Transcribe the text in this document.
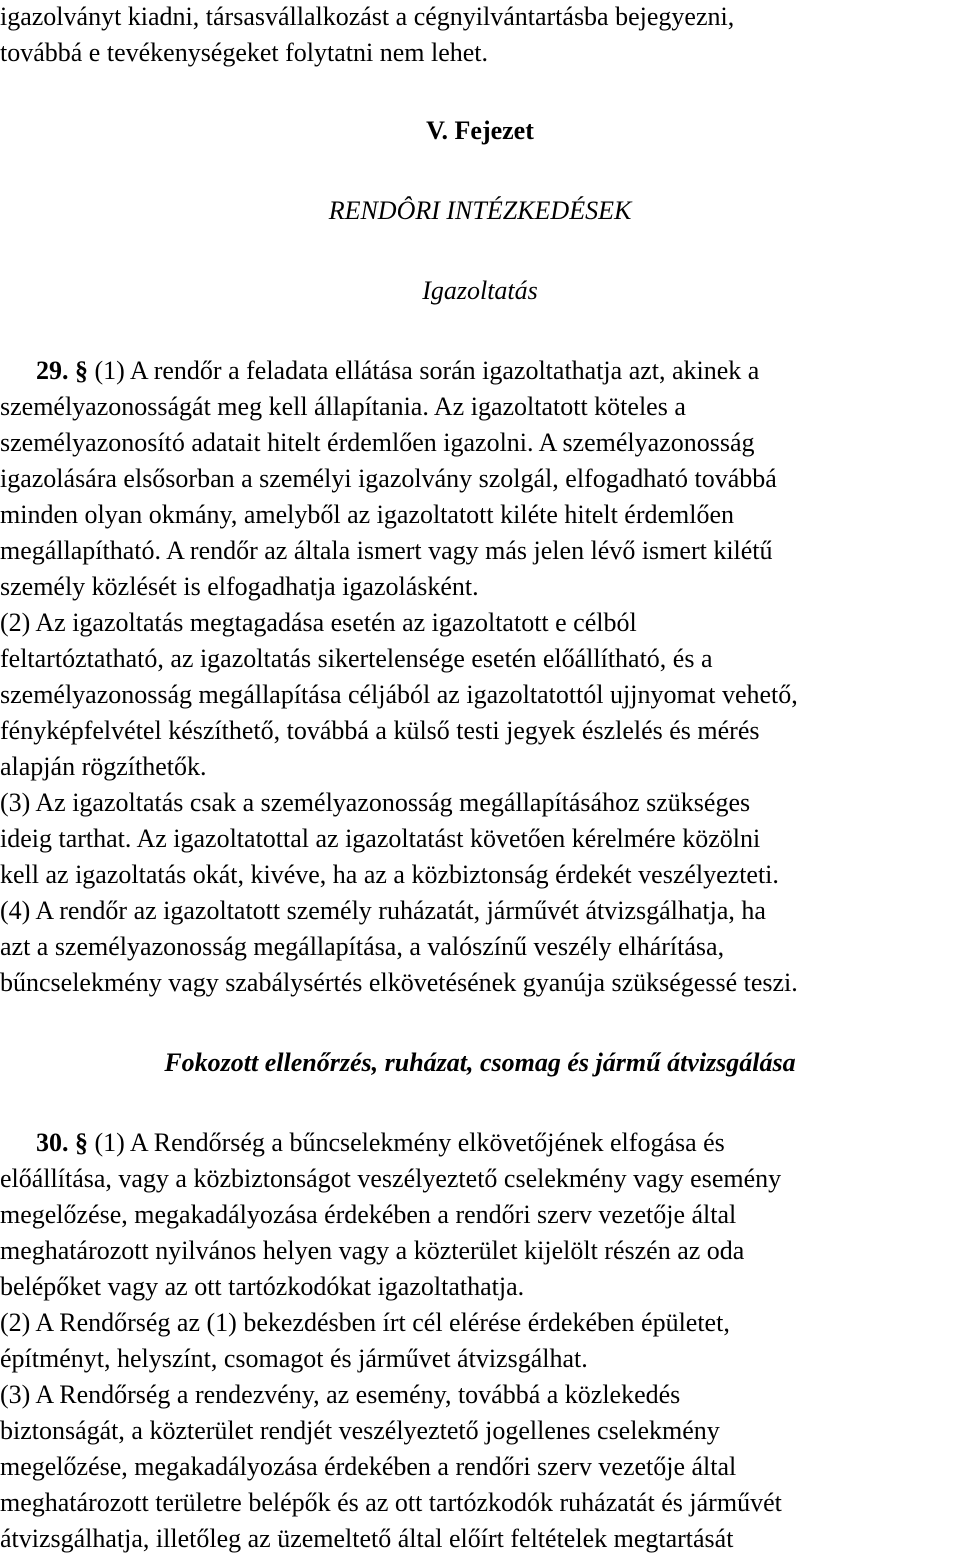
igazolványt kiadni, társasvállalkozást a cégnyilvántartásba bejegyezni,
továbbá e tevékenységeket folytatni nem lehet.
V. Fejezet
RENDÔRI INTÉZKEDÉSEK
Igazoltatás
29. § (1) A rendőr a feladata ellátása során igazoltathatja azt, akinek a
személyazonosságát meg kell állapítania. Az igazoltatott köteles a
személyazonosító adatait hitelt érdemlően igazolni. A személyazonosság
igazolására elsősorban a személyi igazolvány szolgál, elfogadható továbbá
minden olyan okmány, amelyből az igazoltatott kiléte hitelt érdemlően
megállapítható. A rendőr az általa ismert vagy más jelen lévő ismert kilétű
személy közlését is elfogadhatja igazolásként.
(2) Az igazoltatás megtagadása esetén az igazoltatott e célból
feltartóztatható, az igazoltatás sikertelensége esetén előállítható, és a
személyazonosság megállapítása céljából az igazoltatottól ujjnyomat vehető,
fényképfelvétel készíthető, továbbá a külső testi jegyek észlelés és mérés
alapján rögzíthetők.
(3) Az igazoltatás csak a személyazonosság megállapításához szükséges
ideig tarthat. Az igazoltatottal az igazoltatást követően kérelmére közölni
kell az igazoltatás okát, kivéve, ha az a közbiztonság érdekét veszélyezteti.
(4) A rendőr az igazoltatott személy ruházatát, járművét átvizsgálhatja, ha
azt a személyazonosság megállapítása, a valószínű veszély elhárítása,
bűncselekmény vagy szabálysértés elkövetésének gyanúja szükségessé teszi.
Fokozott ellenőrzés, ruházat, csomag és jármű átvizsgálása
30. § (1) A Rendőrség a bűncselekmény elkövetőjének elfogása és
előállítása, vagy a közbiztonságot veszélyeztető cselekmény vagy esemény
megelőzése, megakadályozása érdekében a rendőri szerv vezetője által
meghatározott nyilvános helyen vagy a közterület kijelölt részén az oda
belépőket vagy az ott tartózkodókat igazoltathatja.
(2) A Rendőrség az (1) bekezdésben írt cél elérése érdekében épületet,
építményt, helyszínt, csomagot és járművet átvizsgálhat.
(3) A Rendőrség a rendezvény, az esemény, továbbá a közlekedés
biztonságát, a közterület rendjét veszélyeztető jogellenes cselekmény
megelőzése, megakadályozása érdekében a rendőri szerv vezetője által
meghatározott területre belépők és az ott tartózkodók ruházatát és járművét
átvizsgálhatja, illetőleg az üzemeltető által előírt feltételek megtartását
